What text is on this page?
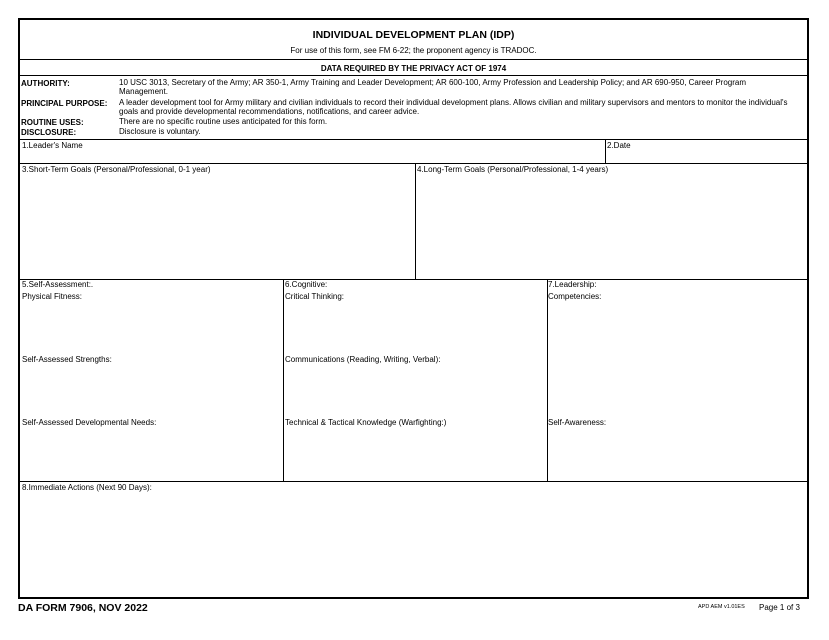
INDIVIDUAL DEVELOPMENT PLAN (IDP)
For use of this form, see FM 6-22; the proponent agency is TRADOC.
DATA REQUIRED BY THE PRIVACY ACT OF 1974
AUTHORITY:	10 USC 3013, Secretary of the Army; AR 350-1, Army Training and Leader Development; AR 600-100, Army Profession and Leadership Policy; and AR 690-950, Career Program Management.
PRINCIPAL PURPOSE: A leader development tool for Army military and civilian individuals to record their individual development plans. Allows civilian and military supervisors and mentors to monitor the individual's goals and provide developmental recommendations, notifications, and career advice.
ROUTINE USES:	There are no specific routine uses anticipated for this form.
DISCLOSURE:	Disclosure is voluntary.
1.Leader's Name	2.Date
3.Short-Term Goals (Personal/Professional, 0-1 year)	4.Long-Term Goals (Personal/Professional, 1-4 years)
5.Self-Assessment:.
Physical Fitness:
Self-Assessed Strengths:
Self-Assessed Developmental Needs:
6.Cognitive:
Critical Thinking:
Communications (Reading, Writing, Verbal):
Technical & Tactical Knowledge (Warfighting:)
7.Leadership:
Competencies:
Self-Awareness:
8.Immediate Actions (Next 90 Days):
DA FORM 7906, NOV 2022	APD AEM v1.01ES Page 1 of 3
